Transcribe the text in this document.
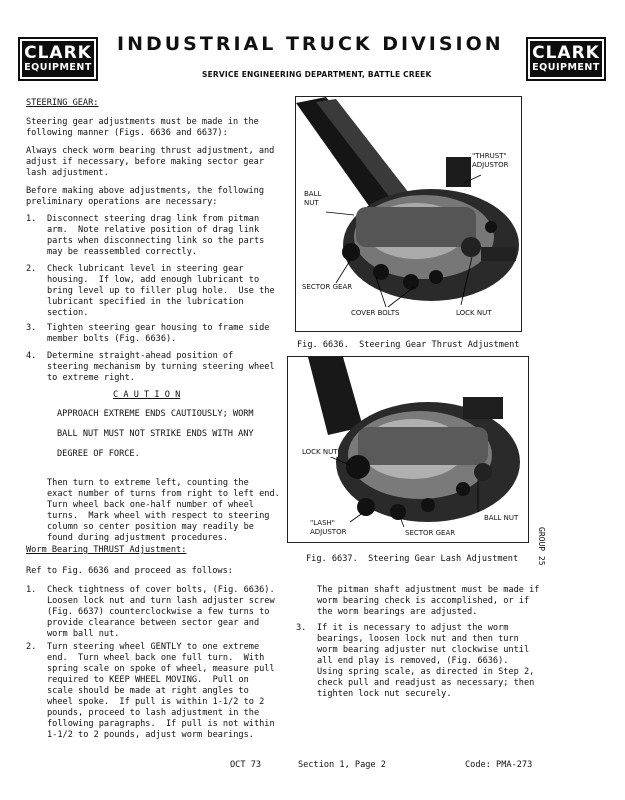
CLARK
EQUIPMENT
INDUSTRIAL TRUCK DIVISION
SERVICE ENGINEERING DEPARTMENT, BATTLE CREEK
CLARK
EQUIPMENT
STEERING GEAR:
Steering gear adjustments must be made in the
following manner (Figs. 6636 and 6637):
Always check worm bearing thrust adjustment, and
adjust if necessary, before making sector gear
lash adjustment.
Before making above adjustments, the following
preliminary operations are necessary:
1. Disconnect steering drag link from pitman
arm.  Note relative position of drag link
parts when disconnecting link so the parts
may be reassembled correctly.
2. Check lubricant level in steering gear
housing.  If low, add enough lubricant to
bring level up to filler plug hole.  Use the
lubricant specified in the lubrication
section.
3. Tighten steering gear housing to frame side
member bolts (Fig. 6636).
4. Determine straight-ahead position of
steering mechanism by turning steering wheel
to extreme right.
C A U T I O N
APPROACH EXTREME ENDS CAUTIOUSLY; WORM
BALL NUT MUST NOT STRIKE ENDS WITH ANY
DEGREE OF FORCE.
Then turn to extreme left, counting the
exact number of turns from right to left end.
Turn wheel back one-half number of wheel
turns.  Mark wheel with respect to steering
column so center position may readily be
found during adjustment procedures.
Worm Bearing THRUST Adjustment:
Ref to Fig. 6636 and proceed as follows:
1. Check tightness of cover bolts, (Fig. 6636).
Loosen lock nut and turn lash adjuster screw
(Fig. 6637) counterclockwise a few turns to
provide clearance between sector gear and
worm ball nut.
2. Turn steering wheel GENTLY to one extreme
end.  Turn wheel back one full turn.  With
spring scale on spoke of wheel, measure pull
required to KEEP WHEEL MOVING.  Pull on
scale should be made at right angles to
wheel spoke.  If pull is within 1-1/2 to 2
pounds, proceed to lash adjustment in the
following paragraphs.  If pull is not within
1-1/2 to 2 pounds, adjust worm bearings.
"THRUST"
ADJUSTOR
BALL
NUT
SECTOR GEAR
COVER BOLTS	LOCK NUT
Fig. 6636.  Steering Gear Thrust Adjustment
LOCK NUT
"LASH"
ADJUSTOR	SECTOR GEAR
BALL NUT
Fig. 6637.  Steering Gear Lash Adjustment
The pitman shaft adjustment must be made if
worm bearing check is accomplished, or if
the worm bearings are adjusted.
3. If it is necessary to adjust the worm
bearings, loosen lock nut and then turn
worm bearing adjuster nut clockwise until
all end play is removed, (Fig. 6636).
Using spring scale, as directed in Step 2,
check pull and readjust as necessary; then
tighten lock nut securely.
GROUP 25
OCT 73	Section 1, Page 2	Code: PMA-273
